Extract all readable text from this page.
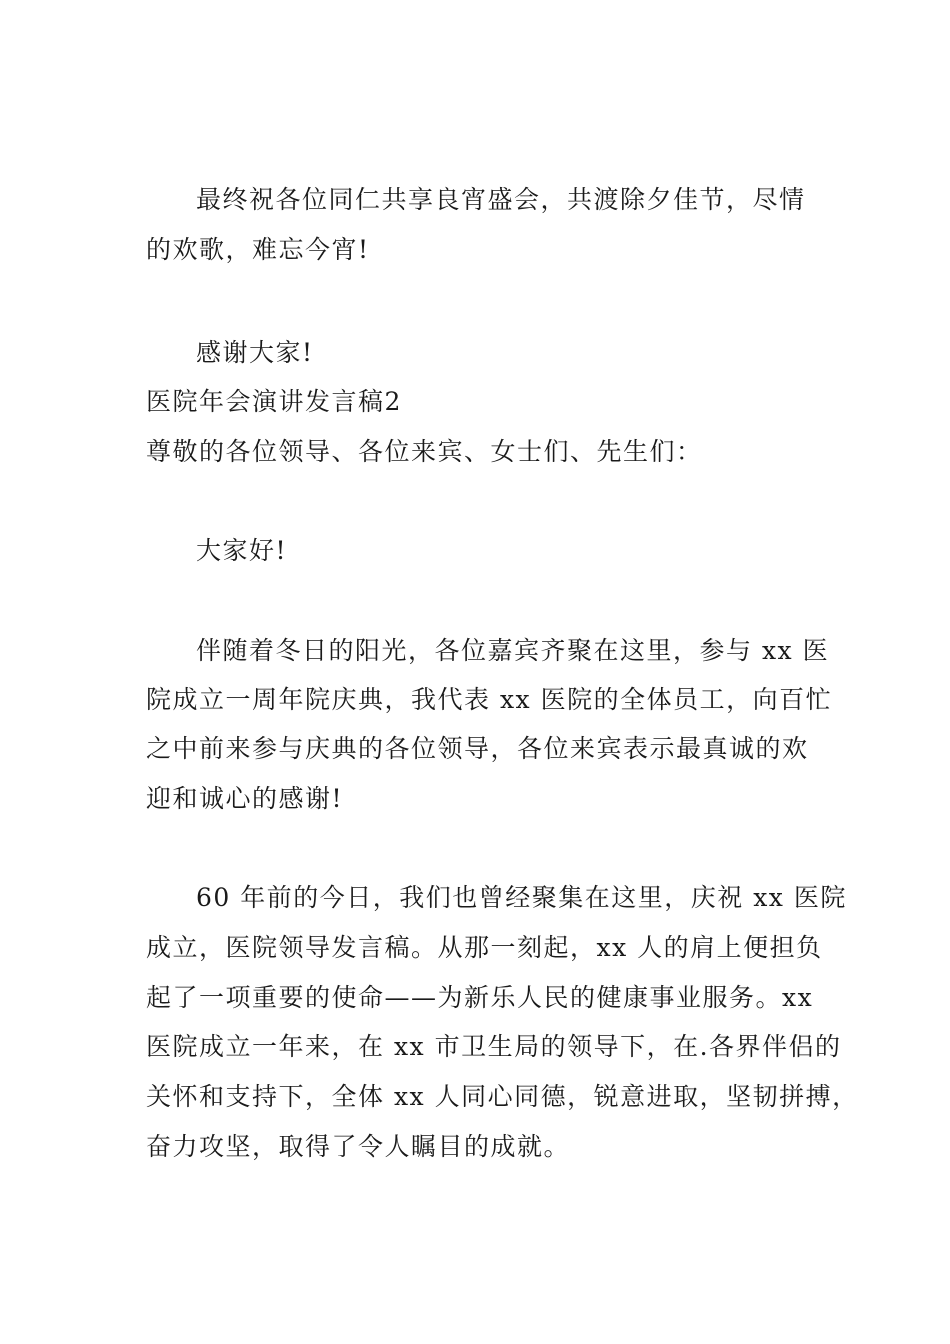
最终祝各位同仁共享良宵盛会，共渡除夕佳节，尽情
的欢歌，难忘今宵!
感谢大家!
医院年会演讲发言稿2
尊敬的各位领导、各位来宾、女士们、先生们：
大家好!
伴随着冬日的阳光，各位嘉宾齐聚在这里，参与 xx 医
院成立一周年院庆典，我代表 xx 医院的全体员工，向百忙
之中前来参与庆典的各位领导，各位来宾表示最真诚的欢
迎和诚心的感谢!
60 年前的今日，我们也曾经聚集在这里，庆祝 xx 医院
成立，医院领导发言稿。从那一刻起，xx 人的肩上便担负
起了一项重要的使命——为新乐人民的健康事业服务。xx
医院成立一年来，在 xx 市卫生局的领导下，在.各界伴侣的
关怀和支持下，全体 xx 人同心同德，锐意进取，坚韧拼搏，
奋力攻坚，取得了令人瞩目的成就。
